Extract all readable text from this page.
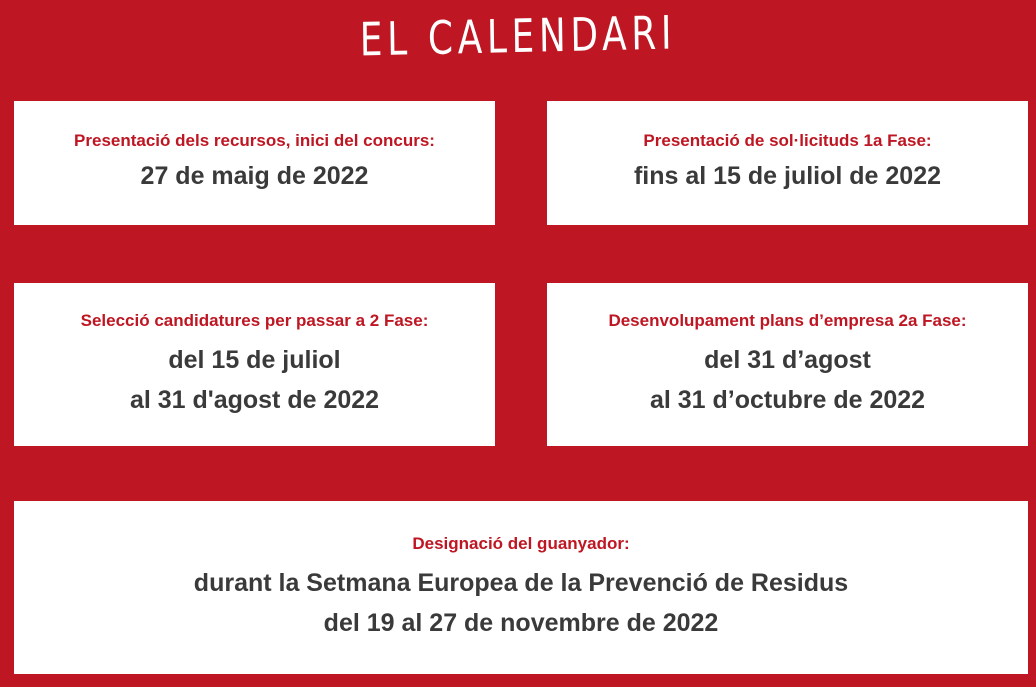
EL CALENDARI
Presentació dels recursos, inici del concurs:
27 de maig de 2022
Presentació de sol·licituds 1a Fase:
fins al 15 de juliol de 2022
Selecció candidatures per passar a 2 Fase:
del 15 de juliol
al 31 d'agost de 2022
Desenvolupament plans d’empresa 2a Fase:
del 31 d’agost
al 31 d’octubre de 2022
Designació del guanyador:
durant la Setmana Europea de la Prevenció de Residus
del 19 al 27 de novembre de 2022
